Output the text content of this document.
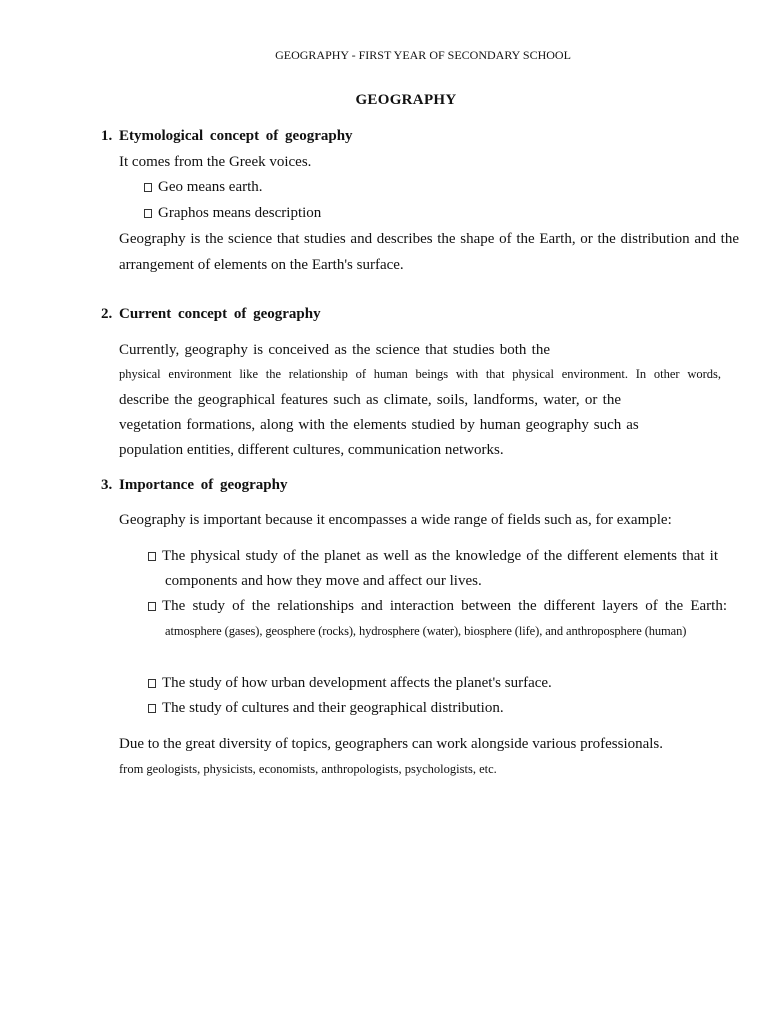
GEOGRAPHY - FIRST YEAR OF SECONDARY SCHOOL
GEOGRAPHY
1. Etymological concept of geography
It comes from the Greek voices.
Geo means earth.
Graphos means description
Geography is the science that studies and describes the shape of the Earth, or the distribution and the
arrangement of elements on the Earth's surface.
2. Current concept of geography
Currently, geography is conceived as the science that studies both the
physical environment like the relationship of human beings with that physical environment. In other words,
describe the geographical features such as climate, soils, landforms, water, or the
vegetation formations, along with the elements studied by human geography such as
population entities, different cultures, communication networks.
3. Importance of geography
Geography is important because it encompasses a wide range of fields such as, for example:
The physical study of the planet as well as the knowledge of the different elements that it
components and how they move and affect our lives.
The study of the relationships and interaction between the different layers of the Earth:
atmosphere (gases), geosphere (rocks), hydrosphere (water), biosphere (life), and anthroposphere (human)
The study of how urban development affects the planet's surface.
The study of cultures and their geographical distribution.
Due to the great diversity of topics, geographers can work alongside various professionals.
from geologists, physicists, economists, anthropologists, psychologists, etc.
